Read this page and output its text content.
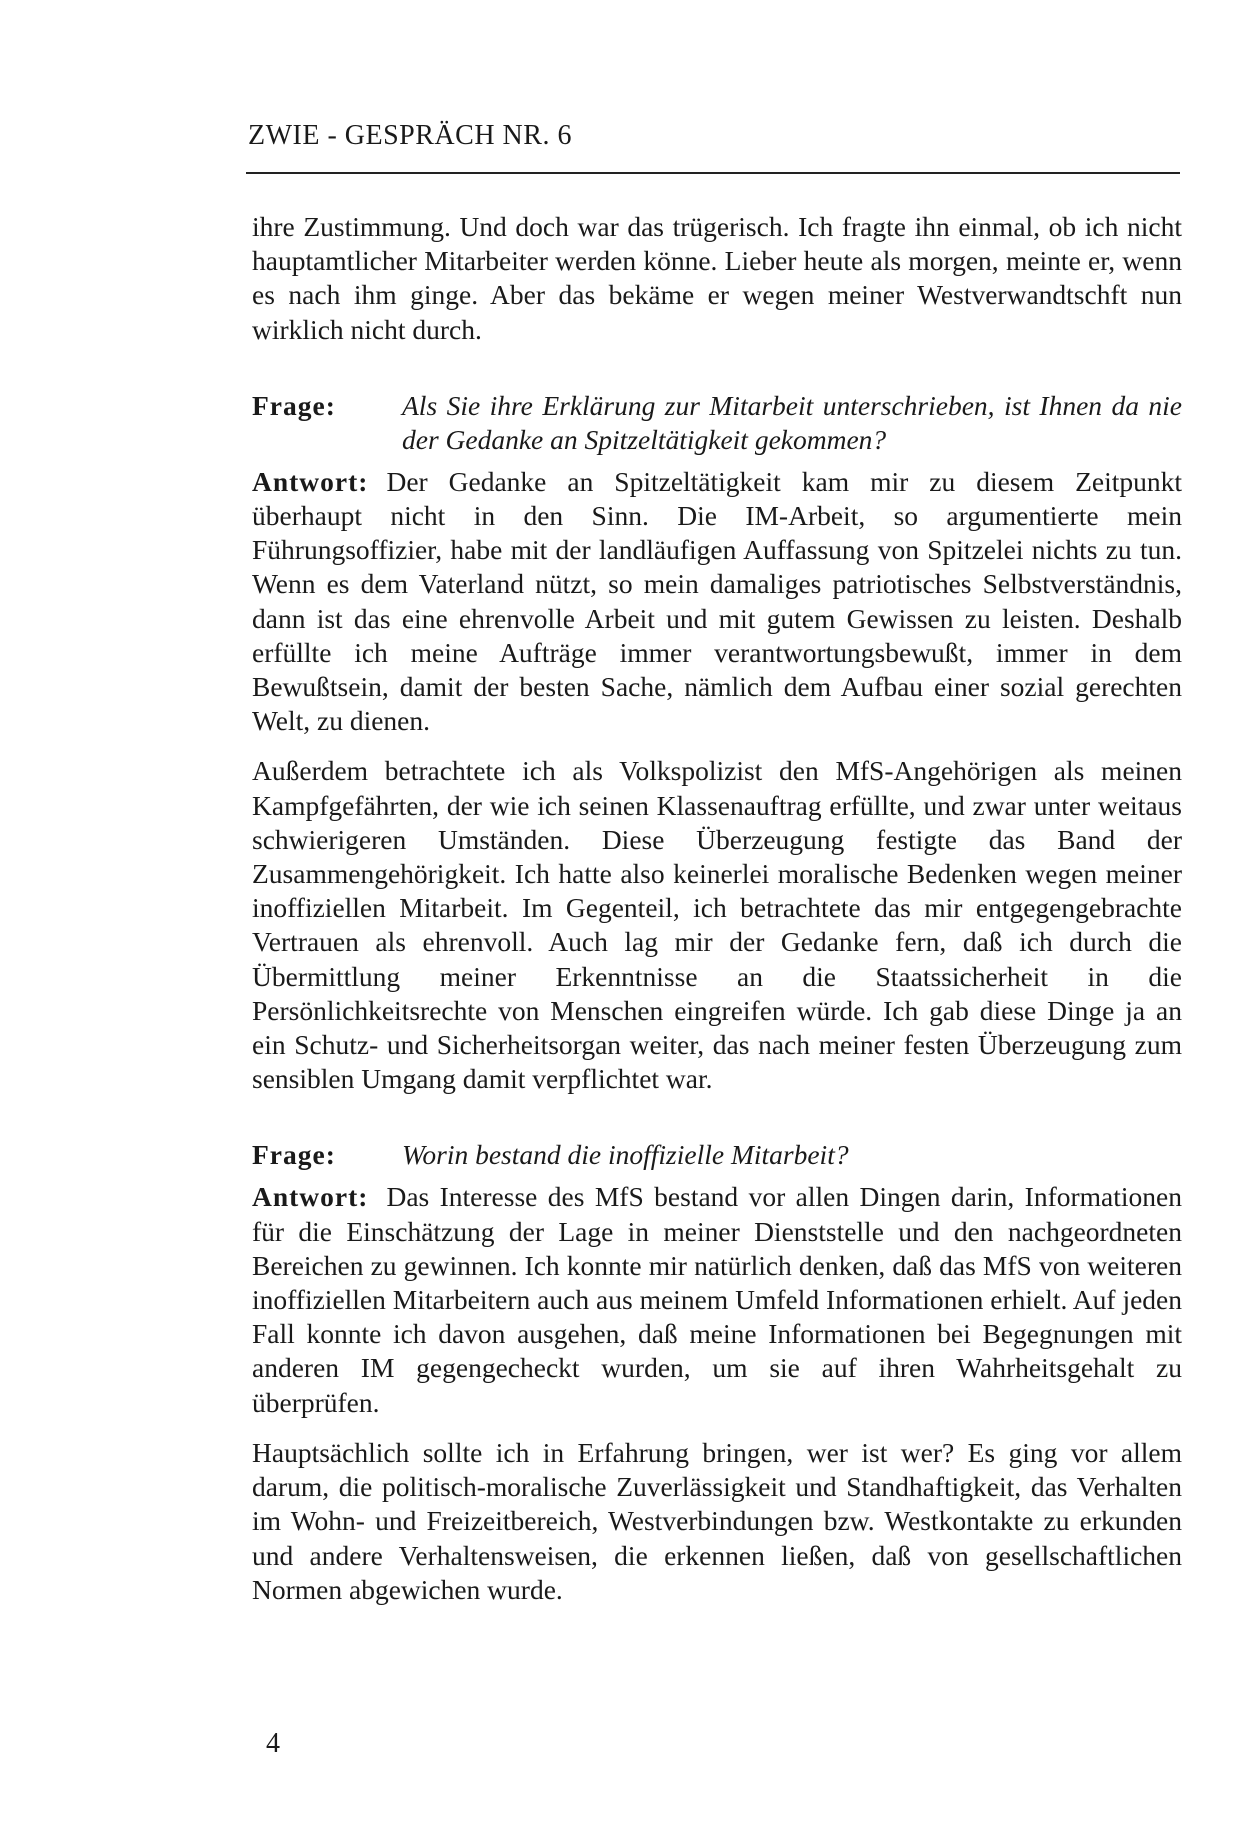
ZWIE - GESPRÄCH NR. 6

ihre Zustimmung. Und doch war das trügerisch. Ich fragte ihn einmal, ob ich nicht hauptamtlicher Mitarbeiter werden könne. Lieber heute als morgen, meinte er, wenn es nach ihm ginge. Aber das bekäme er wegen meiner Westverwandtschft nun wirklich nicht durch.

Frage:	Als Sie ihre Erklärung zur Mitarbeit unterschrieben, ist Ihnen da nie der Gedanke an Spitzeltätigkeit gekommen?

Antwort: Der Gedanke an Spitzeltätigkeit kam mir zu diesem Zeitpunkt überhaupt nicht in den Sinn. Die IM-Arbeit, so argumentierte mein Führungsoffizier, habe mit der landläufigen Auffassung von Spitzelei nichts zu tun. Wenn es dem Vaterland nützt, so mein damaliges patriotisches Selbstverständnis, dann ist das eine ehrenvolle Arbeit und mit gutem Gewissen zu leisten. Deshalb erfüllte ich meine Aufträge immer verantwortungsbewußt, immer in dem Bewußtsein, damit der besten Sache, nämlich dem Aufbau einer sozial gerechten Welt, zu dienen.

Außerdem betrachtete ich als Volkspolizist den MfS-Angehörigen als meinen Kampfgefährten, der wie ich seinen Klassenauftrag erfüllte, und zwar unter weitaus schwierigeren Umständen. Diese Überzeugung festigte das Band der Zusammengehörigkeit. Ich hatte also keinerlei moralische Bedenken wegen meiner inoffiziellen Mitarbeit. Im Gegenteil, ich betrachtete das mir entgegengebrachte Vertrauen als ehrenvoll. Auch lag mir der Gedanke fern, daß ich durch die Übermittlung meiner Erkenntnisse an die Staatssicherheit in die Persönlichkeitsrechte von Menschen eingreifen würde. Ich gab diese Dinge ja an ein Schutz- und Sicherheitsorgan weiter, das nach meiner festen Überzeugung zum sensiblen Umgang damit verpflichtet war.

Frage:	Worin bestand die inoffizielle Mitarbeit?

Antwort: Das Interesse des MfS bestand vor allen Dingen darin, Informationen für die Einschätzung der Lage in meiner Dienststelle und den nachgeordneten Bereichen zu gewinnen. Ich konnte mir natürlich denken, daß das MfS von weiteren inoffiziellen Mitarbeitern auch aus meinem Umfeld Informationen erhielt. Auf jeden Fall konnte ich davon ausgehen, daß meine Informationen bei Begegnungen mit anderen IM gegengecheckt wurden, um sie auf ihren Wahrheitsgehalt zu überprüfen.

Hauptsächlich sollte ich in Erfahrung bringen, wer ist wer? Es ging vor allem darum, die politisch-moralische Zuverlässigkeit und Standhaftigkeit, das Verhalten im Wohn- und Freizeitbereich, Westverbindungen bzw. Westkontakte zu erkunden und andere Verhaltensweisen, die erkennen ließen, daß von gesellschaftlichen Normen abgewichen wurde.

4
